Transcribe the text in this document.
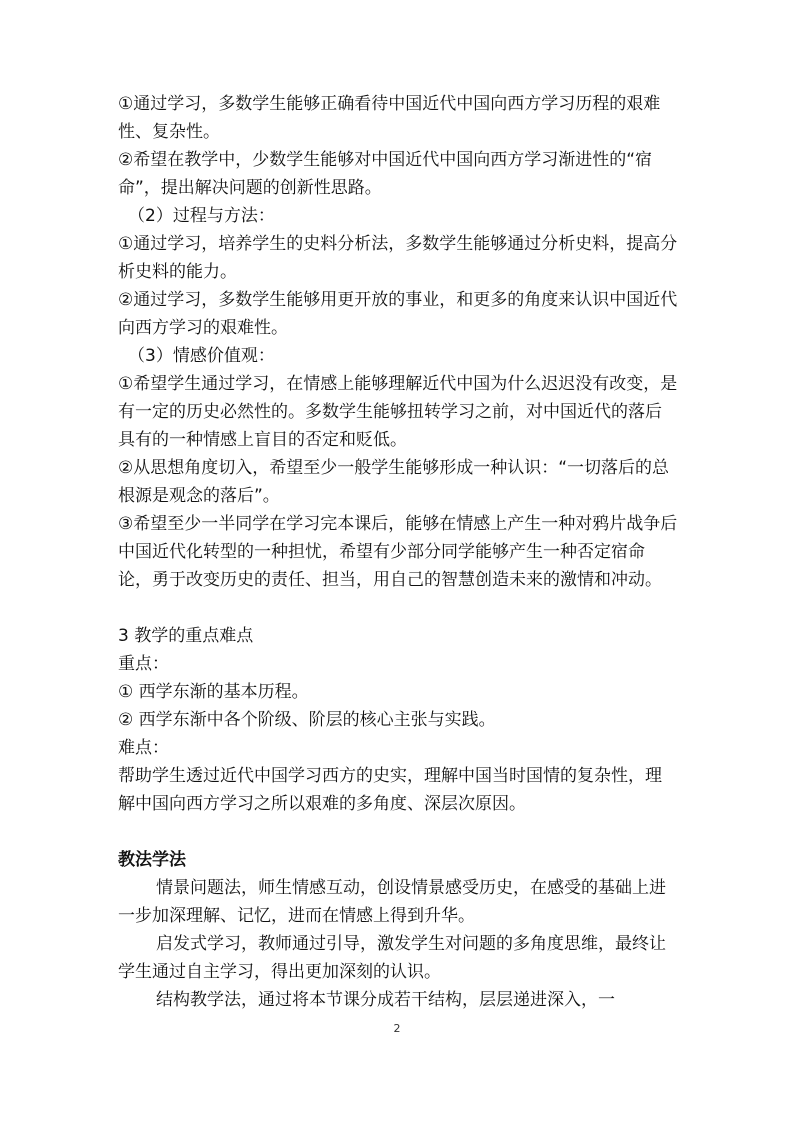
①通过学习，多数学生能够正确看待中国近代中国向西方学习历程的艰难性、复杂性。

②希望在教学中，少数学生能够对中国近代中国向西方学习渐进性的“宿命”，提出解决问题的创新性思路。

（2）过程与方法：

①通过学习，培养学生的史料分析法，多数学生能够通过分析史料，提高分析史料的能力。

②通过学习，多数学生能够用更开放的事业，和更多的角度来认识中国近代向西方学习的艰难性。

（3）情感价值观：

①希望学生通过学习，在情感上能够理解近代中国为什么迟迟没有改变，是有一定的历史必然性的。多数学生能够扭转学习之前，对中国近代的落后具有的一种情感上盲目的否定和贬低。

②从思想角度切入，希望至少一般学生能够形成一种认识：“一切落后的总根源是观念的落后”。

③希望至少一半同学在学习完本课后，能够在情感上产生一种对鸦片战争后中国近代化转型的一种担忧，希望有少部分同学能够产生一种否定宿命论，勇于改变历史的责任、担当，用自己的智慧创造未来的激情和冲动。

3 教学的重点难点

重点：

① 西学东渐的基本历程。

② 西学东渐中各个阶级、阶层的核心主张与实践。

难点：

帮助学生透过近代中国学习西方的史实，理解中国当时国情的复杂性，理解中国向西方学习之所以艰难的多角度、深层次原因。

教法学法

情景问题法，师生情感互动，创设情景感受历史，在感受的基础上进一步加深理解、记忆，进而在情感上得到升华。

启发式学习，教师通过引导，激发学生对问题的多角度思维，最终让学生通过自主学习，得出更加深刻的认识。

结构教学法，通过将本节课分成若干结构，层层递进深入，一

2
